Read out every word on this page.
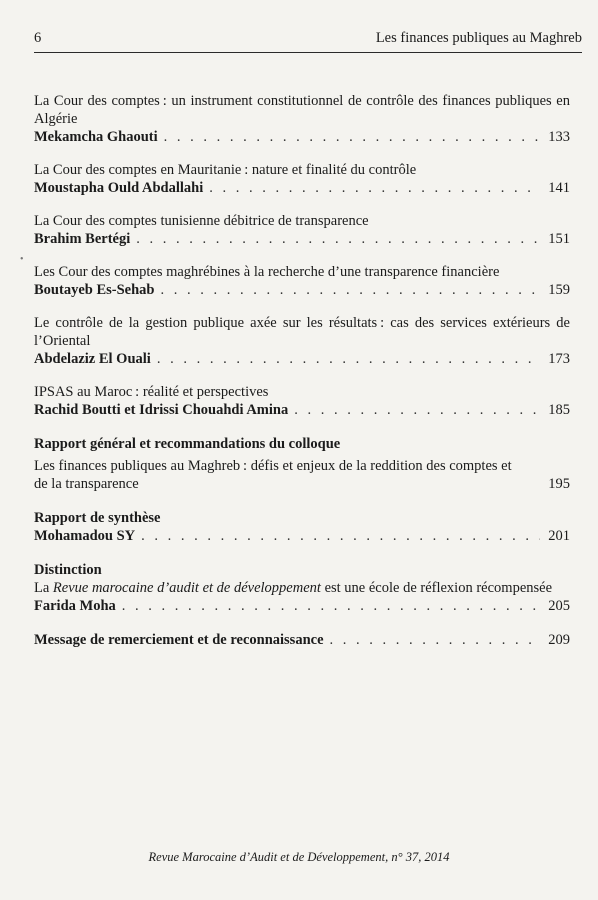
6	Les finances publiques au Maghreb
•
La Cour des comptes : un instrument constitutionnel de contrôle des finances publiques en Algérie
Mekamcha Ghaouti . . .	133
La Cour des comptes en Mauritanie : nature et finalité du contrôle
Moustapha Ould Abdallahi . . .	141
La Cour des comptes tunisienne débitrice de transparence
Brahim Bertégi . . .	151
Les Cour des comptes maghrébines à la recherche d’une transparence financière
Boutayeb Es-Sehab . . .	159
Le contrôle de la gestion publique axée sur les résultats : cas des services extérieurs de l’Oriental
Abdelaziz El Ouali . . .	173
IPSAS au Maroc : réalité et perspectives
Rachid Boutti et Idrissi Chouahdi Amina . . .	185
Rapport général et recommandations du colloque
Les finances publiques au Maghreb : défis et enjeux de la reddition des comptes et de la transparence	195
Rapport de synthèse
Mohamadou SY . . .	201
Distinction
La Revue marocaine d’audit et de développement est une école de réflexion récompensée
Farida Moha . . .	205
Message de remerciement et de reconnaissance . . .	209
Revue Marocaine d’Audit et de Développement, n° 37, 2014
